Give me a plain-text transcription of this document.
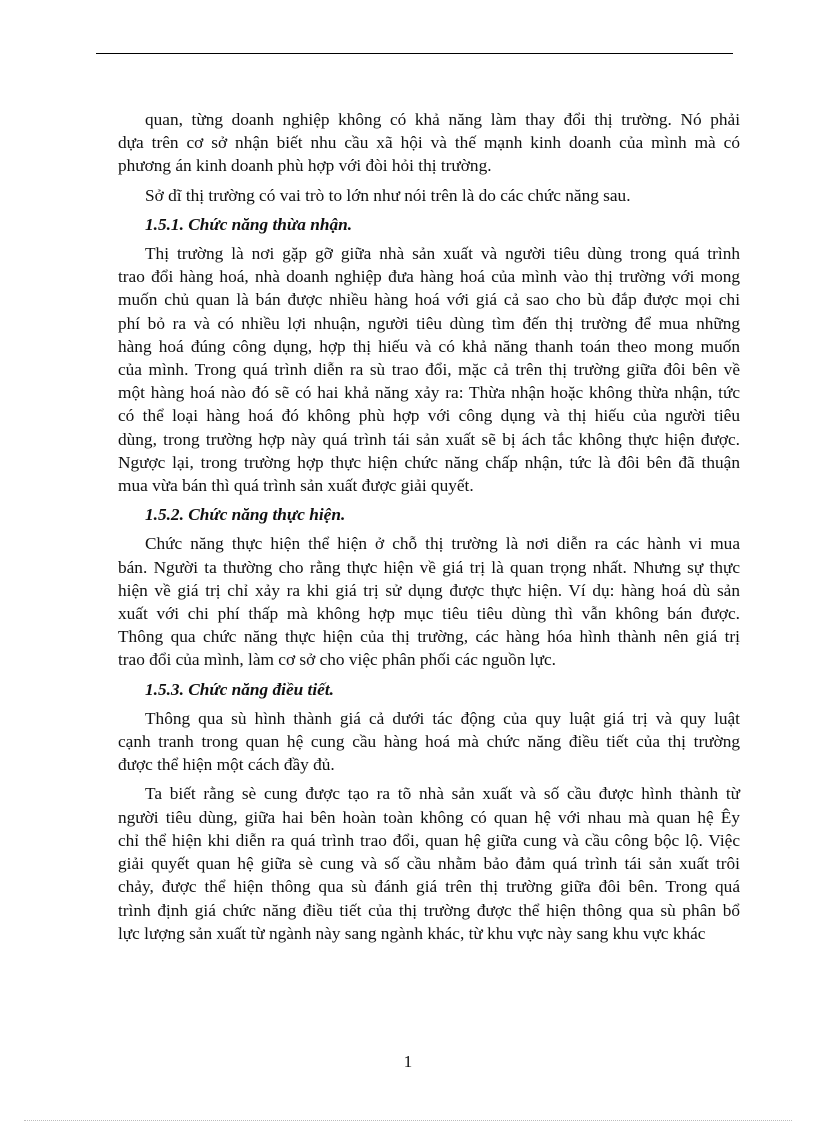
quan, từng doanh nghiệp không có khả năng làm thay đổi thị trường. Nó phải
dựa trên cơ sở nhận biết nhu cầu xã hội và thế mạnh kinh doanh của mình mà có
phương án kinh doanh phù hợp với đòi hỏi thị trường.
Sở dĩ thị trường có vai trò to lớn như nói trên là do các chức năng sau.
1.5.1. Chức năng thừa nhận.
Thị trường là nơi gặp gỡ giữa nhà sản xuất và người tiêu dùng trong quá trình
trao đổi hàng hoá, nhà doanh nghiệp đưa hàng hoá của mình vào thị trường với mong
muốn chủ quan là bán được nhiều hàng hoá với giá cả sao cho bù đắp được mọi chi
phí bỏ ra và có nhiều lợi nhuận, người tiêu dùng tìm đến thị trường để mua những
hàng hoá đúng công dụng, hợp thị hiếu và có khả năng thanh toán theo mong muốn
của mình. Trong quá trình diễn ra sù trao đổi, mặc cả trên thị trường giữa đôi bên về
một hàng hoá nào đó sẽ có hai khả năng xảy ra: Thừa nhận hoặc không thừa nhận, tức
có thể loại hàng hoá đó không phù hợp với công dụng và thị hiếu của người tiêu
dùng, trong trường hợp này quá trình tái sản xuất sẽ bị ách tắc không thực hiện được.
Ngược lại, trong trường hợp thực hiện chức năng chấp nhận, tức là đôi bên đã thuận
mua vừa bán thì quá trình sản xuất được giải quyết.
1.5.2. Chức năng thực hiện.
Chức năng thực hiện thể hiện ở chỗ thị trường là nơi diễn ra các hành vi mua
bán. Người ta thường cho rằng thực hiện về giá trị là quan trọng nhất. Nhưng sự thực
hiện về giá trị chỉ xảy ra khi giá trị sử dụng được thực hiện. Ví dụ: hàng hoá dù sản
xuất với chi phí thấp mà không hợp mục tiêu tiêu dùng thì vẫn không bán được.
Thông qua chức năng thực hiện của thị trường, các hàng hóa hình thành nên giá trị
trao đổi của mình, làm cơ sở cho việc phân phối các nguồn lực.
1.5.3. Chức năng điều tiết.
Thông qua sù hình thành giá cả dưới tác động của quy luật giá trị và quy luật
cạnh tranh trong quan hệ cung cầu hàng hoá mà chức năng điều tiết của thị trường
được thể hiện một cách đầy đủ.
Ta biết rằng sè cung được tạo ra tõ nhà sản xuất và số cầu được hình thành từ
người tiêu dùng, giữa hai bên hoàn toàn không có quan hệ với nhau mà quan hệ Êy
chỉ thể hiện khi diễn ra quá trình trao đổi, quan hệ giữa cung và cầu công bộc lộ. Việc
giải quyết quan hệ giữa sè cung và số cầu nhằm bảo đảm quá trình tái sản xuất trôi
chảy, được thể hiện thông qua sù đánh giá trên thị trường giữa đôi bên. Trong quá
trình định giá chức năng điều tiết của thị trường được thể hiện thông qua sù phân bổ
lực lượng sản xuất từ ngành này sang ngành khác, từ khu vực này sang khu vực khác
1
